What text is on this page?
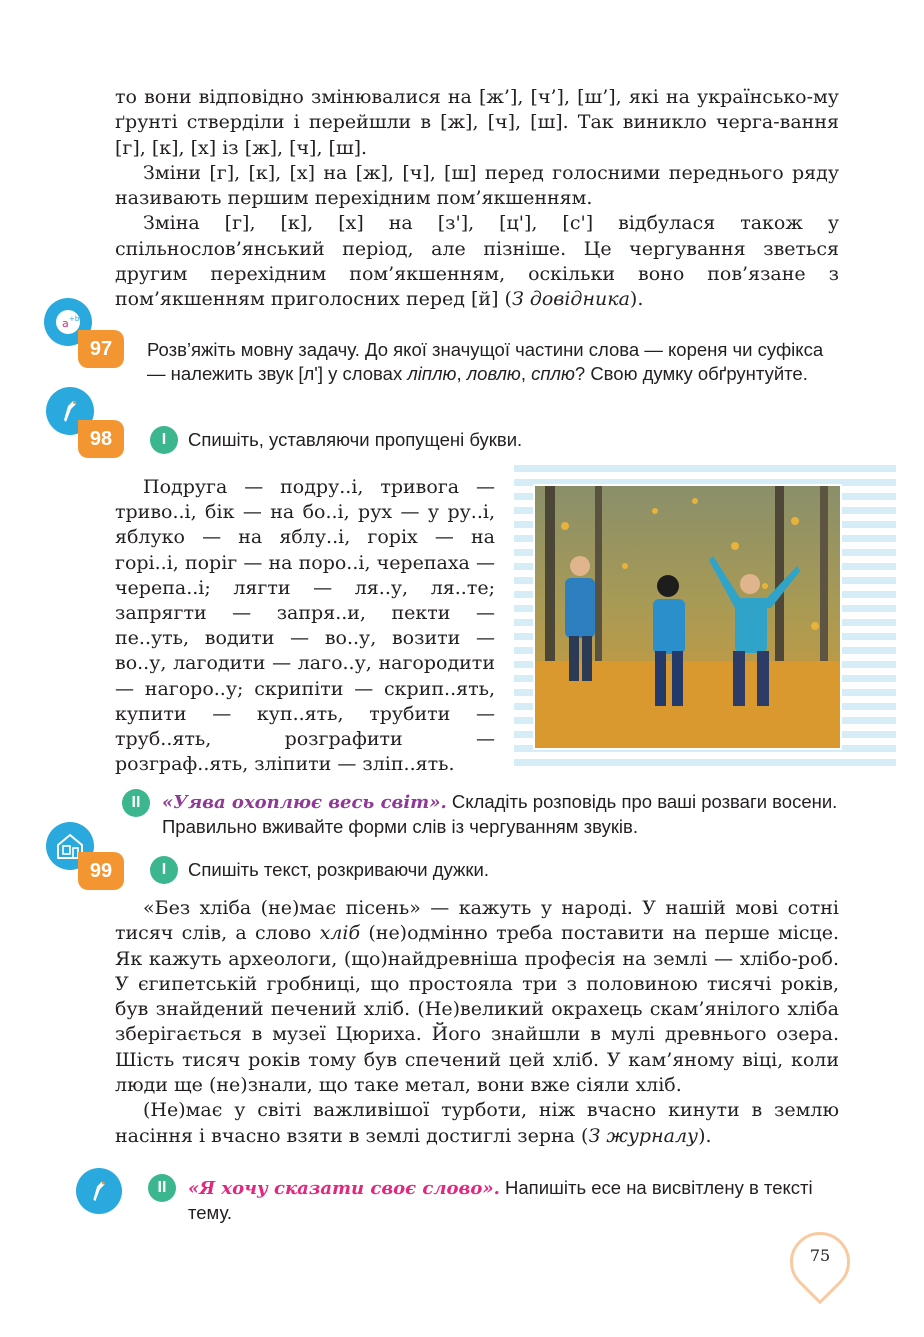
то вони відповідно змінювалися на [ж’], [ч’], [ш’], які на українсько-му ґрунті стверділи і перейшли в [ж], [ч], [ш]. Так виникло черга-вання [г], [к], [х] із [ж], [ч], [ш].

Зміни [г], [к], [х] на [ж], [ч], [ш] перед голосними переднього ряду називають першим перехідним пом’якшенням.

Зміна [г], [к], [х] на [з'], [ц'], [с'] відбулася також у спільнослов’янський період, але пізніше. Це чергування зветься другим перехідним пом’якшенням, оскільки воно пов’язане з пом’якшенням приголосних перед [й] (З довідника).

a +b
97	Розв’яжіть мовну задачу. До якої значущої частини слова — кореня чи суфікса — належить звук [л'] у словах ліплю, ловлю, сплю? Свою думку обґрунтуйте.
98	I	Спишіть, уставляючи пропущені букви.

Подруга — подру..і, тривога — триво..і, бік — на бо..і, рух — у ру..і, яблуко — на яблу..і, горіх — на горі..і, поріг — на поро..і, черепаха — черепа..і; лягти — ля..у, ля..те; запрягти — запря..и, пекти — пе..уть, водити — во..у, возити — во..у, лагодити — лаго..у, нагородити — нагоро..у; скрипіти — скрип..ять, купити — куп..ять, трубити — труб..ять, розграфити — розграф..ять, зліпити — зліп..ять.

II	«Уява охоплює весь світ». Складіть розповідь про ваші розваги восени. Правильно вживайте форми слів із чергуванням звуків.
99	I	Спишіть текст, розкриваючи дужки.

«Без хліба (не)має пісень» — кажуть у народі. У нашій мові сотні тисяч слів, а слово хліб (не)одмінно треба поставити на перше місце. Як кажуть археологи, (що)найдревніша професія на землі — хлібо-роб. У єгипетській гробниці, що простояла три з половиною тисячі років, був знайдений печений хліб. (Не)великий окрахець скам’янілого хліба зберігається в музеї Цюриха. Його знайшли в мулі древнього озера. Шість тисяч років тому був спечений цей хліб. У кам’яному віці, коли люди ще (не)знали, що таке метал, вони вже сіяли хліб.

(Не)має у світі важливішої турботи, ніж вчасно кинути в землю насіння і вчасно взяти в землі достиглі зерна (З журналу).

II	«Я хочу сказати своє слово». Напишіть есе на висвітлену в тексті тему.
75
